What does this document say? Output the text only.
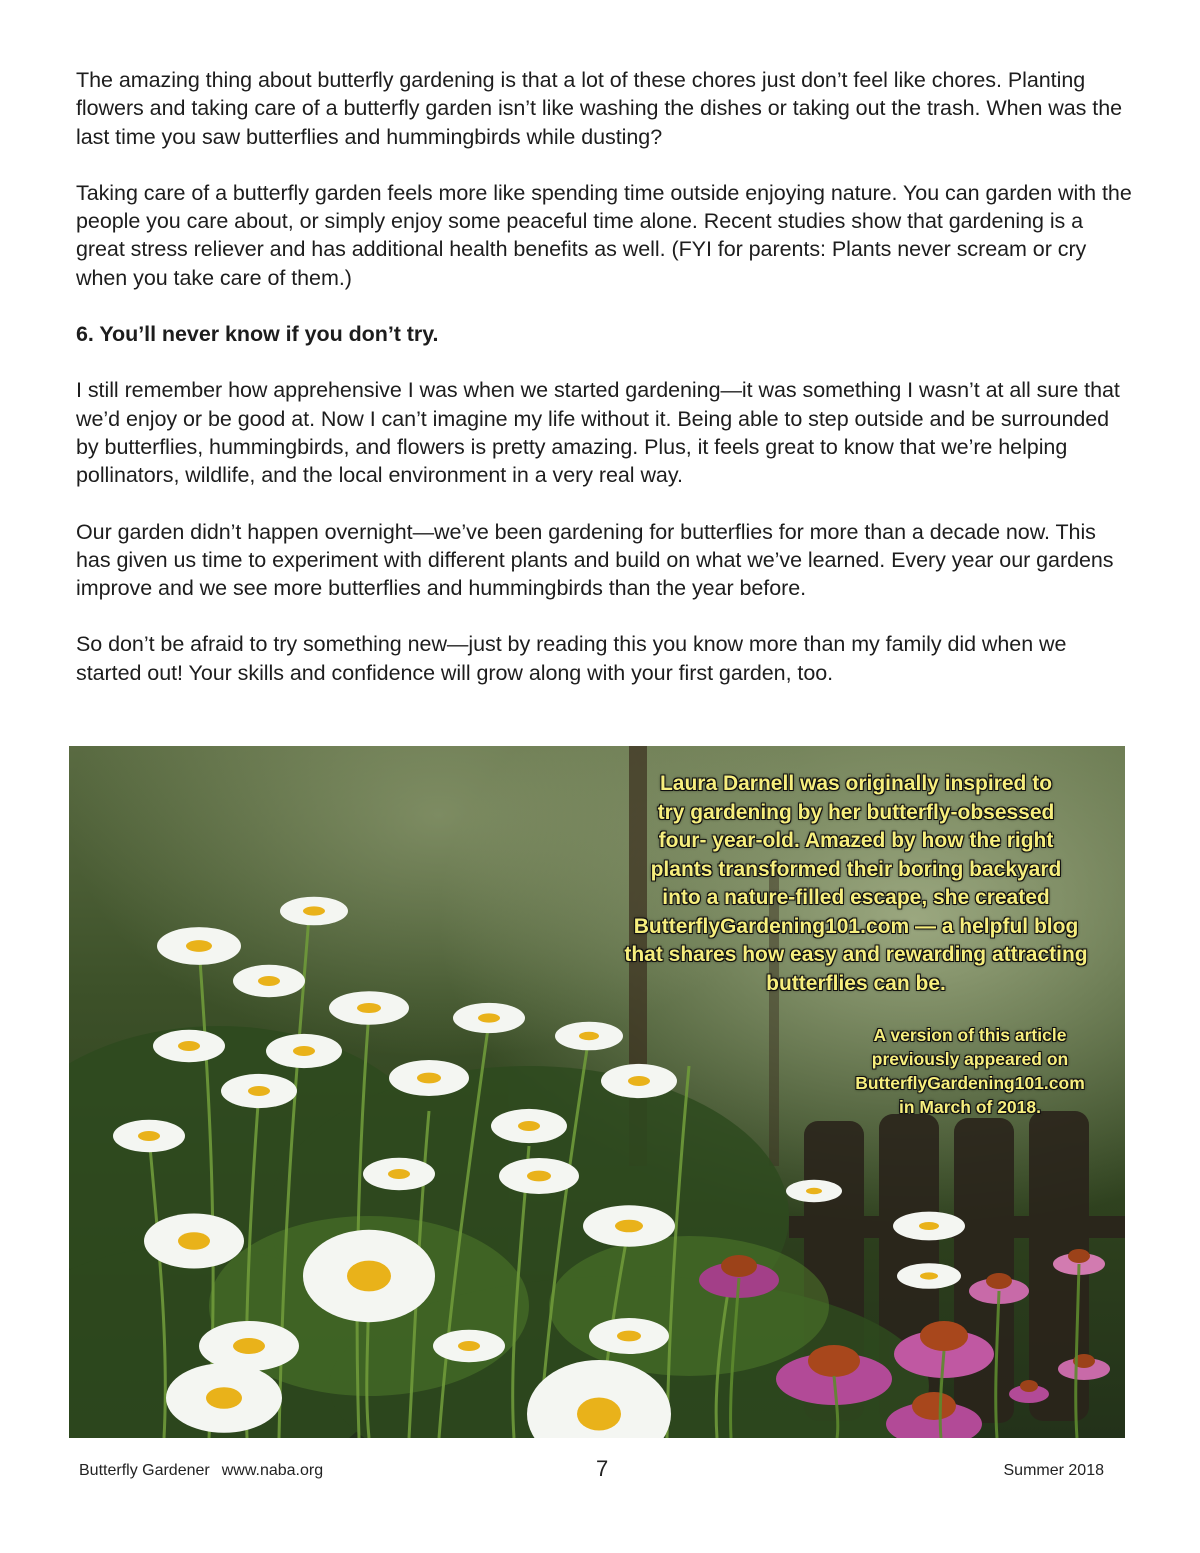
The amazing thing about butterfly gardening is that a lot of these chores just don’t feel like chores. Planting flowers and taking care of a butterfly garden isn’t like washing the dishes or taking out the trash. When was the last time you saw butterflies and hummingbirds while dusting?

Taking care of a butterfly garden feels more like spending time outside enjoying nature. You can garden with the people you care about, or simply enjoy some peaceful time alone. Recent studies show that gardening is a great stress reliever and has additional health benefits as well. (FYI for parents: Plants never scream or cry when you take care of them.)

6. You’ll never know if you don’t try.

I still remember how apprehensive I was when we started gardening—it was something I wasn’t at all sure that we’d enjoy or be good at. Now I can’t imagine my life without it. Being able to step outside and be surrounded by butterflies, hummingbirds, and flowers is pretty amazing. Plus, it feels great to know that we’re helping pollinators, wildlife, and the local environment in a very real way.

Our garden didn’t happen overnight—we’ve been gardening for butterflies for more than a decade now. This has given us time to experiment with different plants and build on what we’ve learned. Every year our gardens improve and we see more butterflies and hummingbirds than the year before.

So don’t be afraid to try something new—just by reading this you know more than my family did when we started out! Your skills and confidence will grow along with your first garden, too.

Laura Darnell was originally inspired to
try gardening by her butterfly-obsessed
four- year-old. Amazed by how the right
plants transformed their boring backyard
into a nature-filled escape, she created
ButterflyGardening101.com — a helpful blog
that shares how easy and rewarding attracting
butterflies can be.
A version of this article
previously appeared on
ButterflyGardening101.com
in March of 2018.
Butterfly Gardener www.naba.org	7	Summer 2018
